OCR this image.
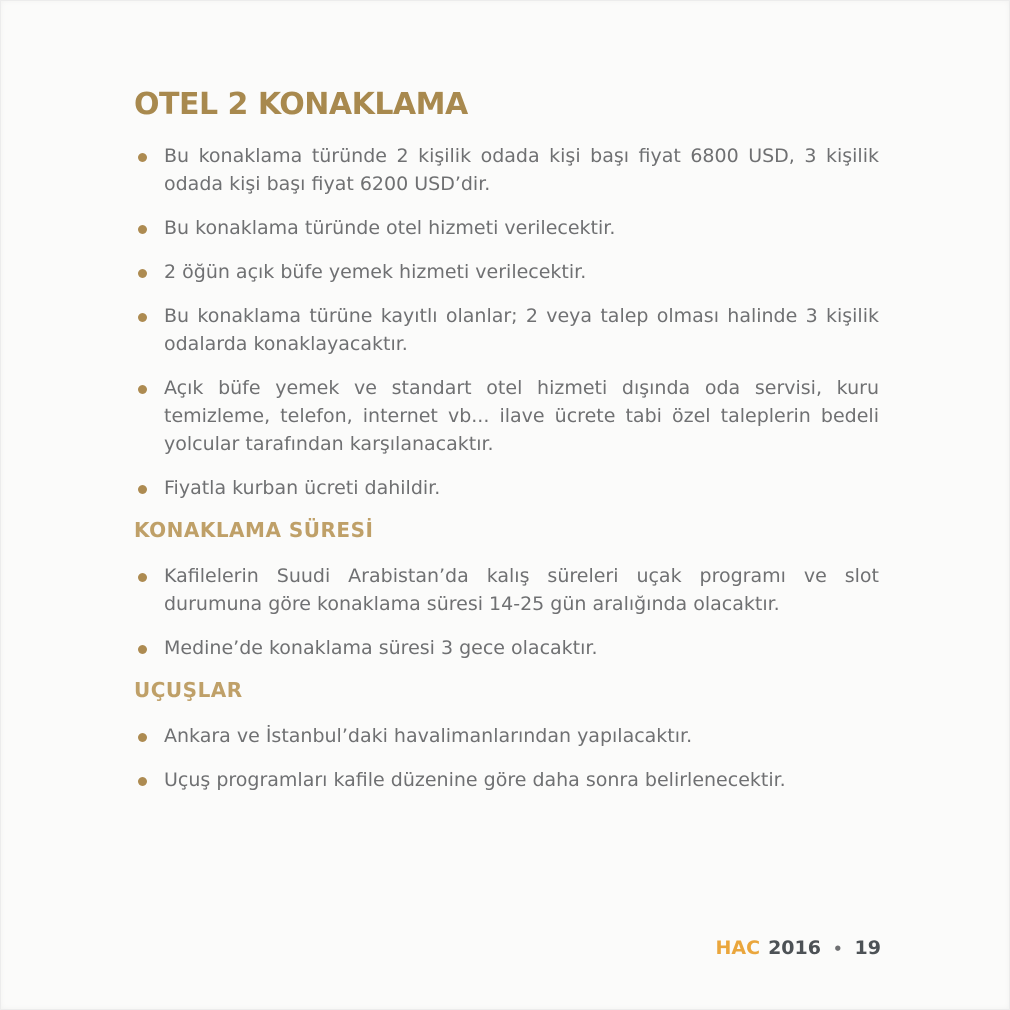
OTEL 2 KONAKLAMA
Bu konaklama türünde 2 kişilik odada kişi başı fiyat 6800 USD, 3 kişilik odada kişi başı fiyat 6200 USD’dir.
Bu konaklama türünde otel hizmeti verilecektir.
2 öğün açık büfe yemek hizmeti verilecektir.
Bu konaklama türüne kayıtlı olanlar; 2 veya talep olması halinde 3 kişilik odalarda konaklayacaktır.
Açık büfe yemek ve standart otel hizmeti dışında oda servisi, kuru temizleme, telefon, internet vb... ilave ücrete tabi özel taleplerin bedeli yolcular tarafından karşılanacaktır.
Fiyatla kurban ücreti dahildir.
KONAKLAMA SÜRESİ
Kafilelerin Suudi Arabistan’da kalış süreleri uçak programı ve slot durumuna göre konaklama süresi 14-25 gün aralığında olacaktır.
Medine’de konaklama süresi 3 gece olacaktır.
UÇUŞLAR
Ankara ve İstanbul’daki havalimanlarından yapılacaktır.
Uçuş programları kafile düzenine göre daha sonra belirlenecektir.
HAC 2016 • 19
